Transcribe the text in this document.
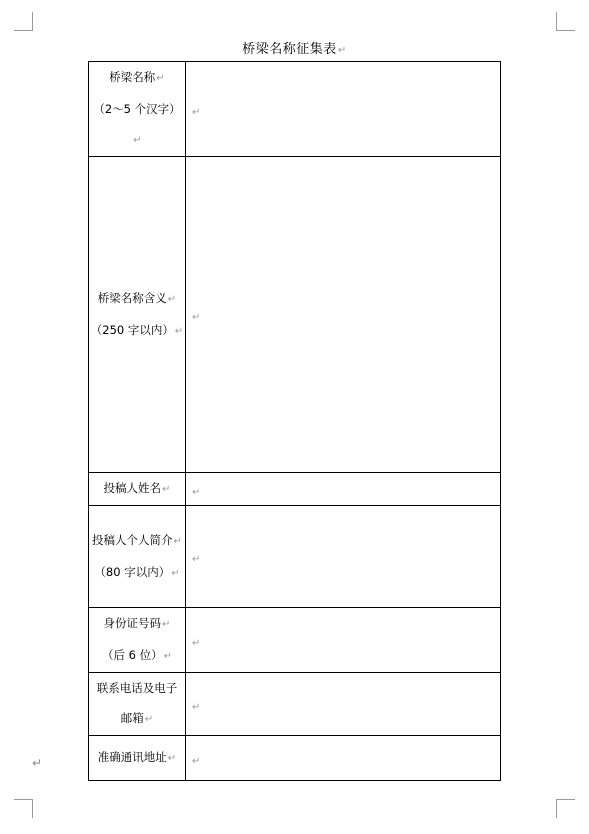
桥梁名称征集表↵
桥梁名称↵
（2～5 个汉字）↵	↵

桥梁名称含义↵
（250 字以内）↵	↵

投稿人姓名↵	↵

投稿人个人简介↵
（80 字以内）↵	↵

身份证号码↵
（后 6 位）↵	↵

联系电话及电子
邮箱↵	↵

准确通讯地址↵	↵
↵
